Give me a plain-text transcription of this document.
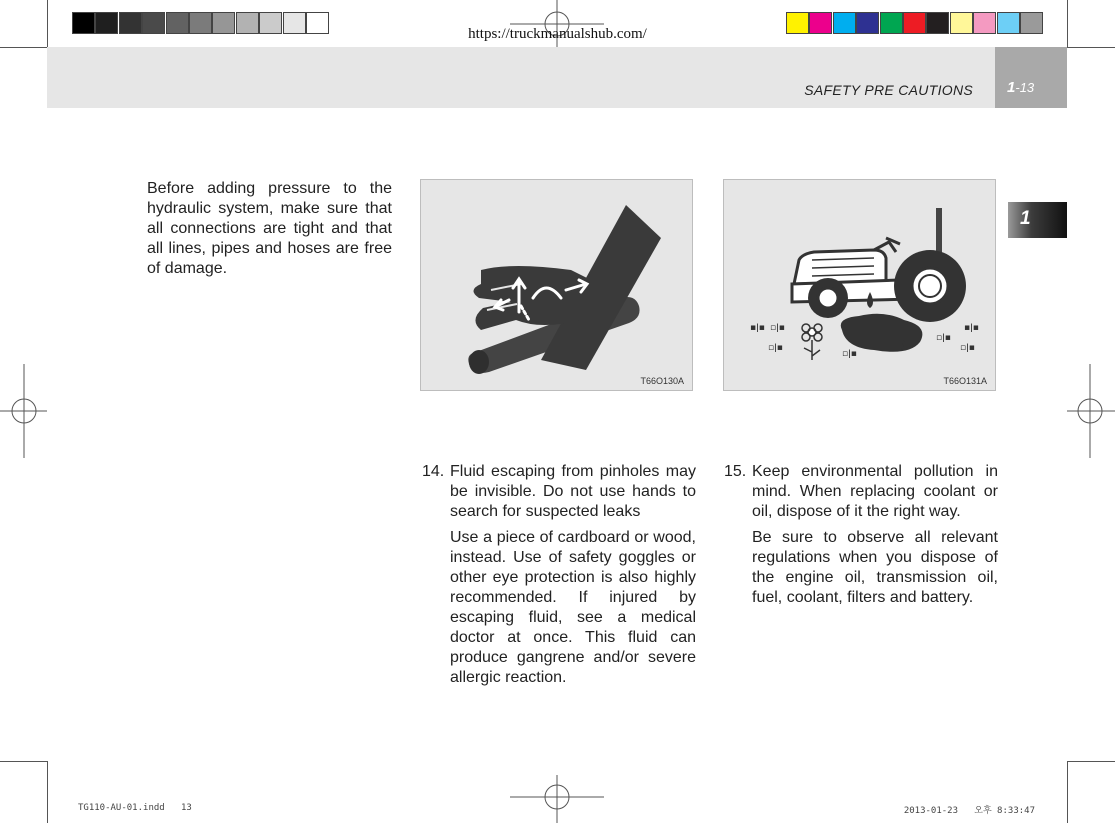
https://truckmanualshub.com/
SAFETY PRE CAUTIONS 1-13
1
Before adding pressure to the hydraulic system, make sure that all connections are tight and that all lines, pipes and hoses are free of damage.
T66O130A
▪ǀ▪ ▫ǀ▪
▫ǀ▪
▫ǀ▪
▫ǀ▪
▫ǀ▪
▪ǀ▪
T66O131A
14. Fluid escaping from pinholes may be invisible. Do not use hands to search for suspected leaks
Use a piece of cardboard or wood, instead. Use of safety goggles or other eye protection is also highly recommended. If injured by escaping fluid, see a medical doctor at once. This fluid can produce gangrene and/or severe allergic reaction.
15. Keep environmental pollution in mind. When replacing coolant or oil, dispose of it the right way.
Be sure to observe all relevant regulations when you dispose of the engine oil, transmission oil, fuel, coolant, filters and battery.
TG110-AU-01.indd   13	2013-01-23   오후 8:33:47
